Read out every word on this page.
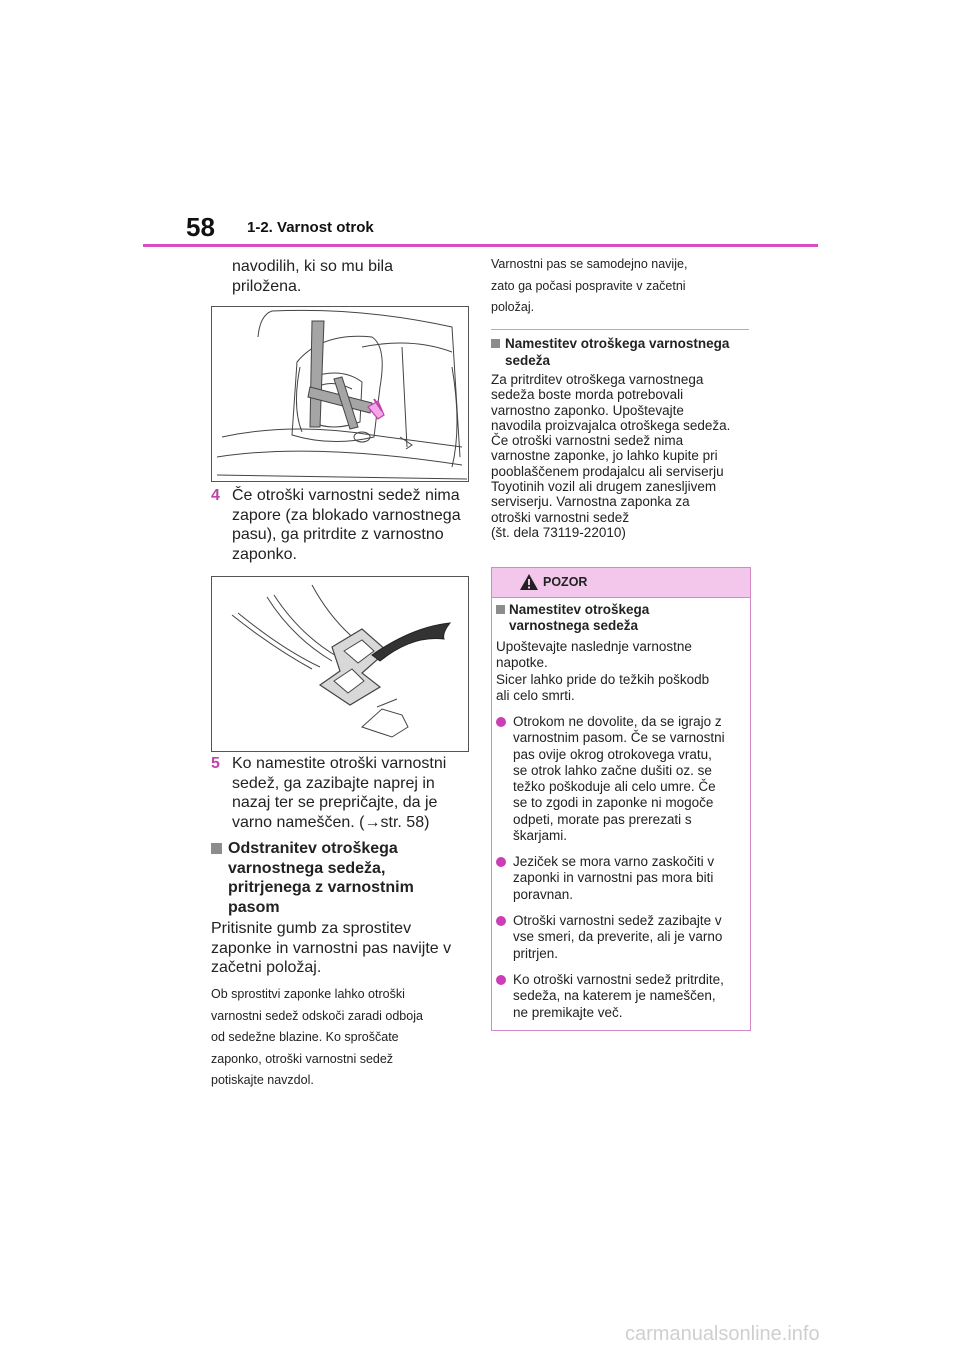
58 1-2. Varnost otrok
navodilih, ki so mu bila
priložena.
4 Če otroški varnostni sedež nima
zapore (za blokado varnostnega
pasu), ga pritrdite z varnostno
zaponko.
5 Ko namestite otroški varnostni
sedež, ga zazibajte naprej in
nazaj ter se prepričajte, da je
varno nameščen. (→str. 58)
Odstranitev otroškega
varnostnega sedeža,
pritrjenega z varnostnim
pasom
Pritisnite gumb za sprostitev
zaponke in varnostni pas navijte v
začetni položaj.
Ob sprostitvi zaponke lahko otroški
varnostni sedež odskoči zaradi odboja
od sedežne blazine. Ko sproščate
zaponko, otroški varnostni sedež
potiskajte navzdol.
Varnostni pas se samodejno navije,
zato ga počasi pospravite v začetni
položaj.
Namestitev otroškega varnostnega
sedeža
Za pritrditev otroškega varnostnega
sedeža boste morda potrebovali
varnostno zaponko. Upoštevajte
navodila proizvajalca otroškega sedeža.
Če otroški varnostni sedež nima
varnostne zaponke, jo lahko kupite pri
pooblaščenem prodajalcu ali serviserju
Toyotinih vozil ali drugem zanesljivem
serviserju. Varnostna zaponka za
otroški varnostni sedež
(št. dela 73119-22010)
POZOR
Namestitev otroškega
varnostnega sedeža
Upoštevajte naslednje varnostne
napotke.
Sicer lahko pride do težkih poškodb
ali celo smrti.
Otrokom ne dovolite, da se igrajo z
varnostnim pasom. Če se varnostni
pas ovije okrog otrokovega vratu,
se otrok lahko začne dušiti oz. se
težko poškoduje ali celo umre. Če
se to zgodi in zaponke ni mogoče
odpeti, morate pas prerezati s
škarjami.
Jeziček se mora varno zaskočiti v
zaponki in varnostni pas mora biti
poravnan.
Otroški varnostni sedež zazibajte v
vse smeri, da preverite, ali je varno
pritrjen.
Ko otroški varnostni sedež pritrdite,
sedeža, na katerem je nameščen,
ne premikajte več.
carmanualsonline.info
